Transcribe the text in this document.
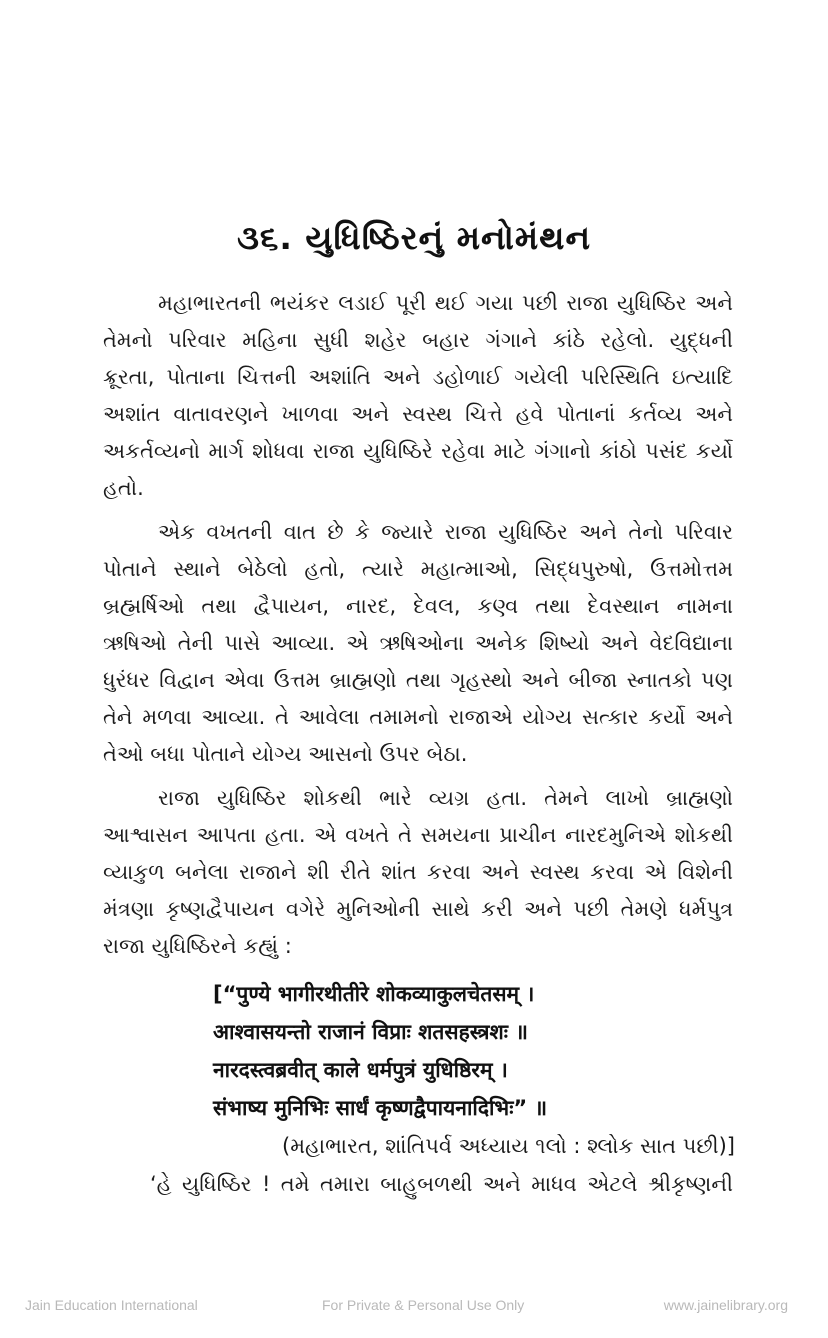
૩૬. યુધિષ્ઠિરનું મનોમંથન
મહાભારતની ભયંકર લડાઈ પૂરી થઈ ગયા પછી રાજા યુધિષ્ઠિર અને
તેમનો પરિવાર મહિના સુધી શહેર બહાર ગંગાને કાંઠે રહેલો. યુદ્ધની
ક્રૂરતા, પોતાના ચિત્તની અશાંતિ અને ડહોળાઈ ગયેલી પરિસ્થિતિ ઇત્યાદિ
અશાંત વાતાવરણને ખાળવા અને સ્વસ્થ ચિત્તે હવે પોતાનાં કર્તવ્ય અને
અકર્તવ્યનો માર્ગ શોધવા રાજા યુધિષ્ઠિરે રહેવા માટે ગંગાનો કાંઠો પસંદ કર્યો
હતો.
એક વખતની વાત છે કે જ્યારે રાજા યુધિષ્ઠિર અને તેનો પરિવાર
પોતાને સ્થાને બેઠેલો હતો, ત્યારે મહાત્માઓ, સિદ્ધપુરુષો, ઉત્તમોત્તમ
બ્રહ્મર્ષિઓ તથા દ્વૈપાયન, નારદ, દેવલ, કણ્વ તથા દેવસ્થાન નામના
ઋષિઓ તેની પાસે આવ્યા. એ ઋષિઓના અનેક શિષ્યો અને વેદવિદ્યાના
ધુરંધર વિદ્વાન એવા ઉત્તમ બ્રાહ્મણો તથા ગૃહસ્થો અને બીજા સ્નાતકો પણ
તેને મળવા આવ્યા. તે આવેલા તમામનો રાજાએ યોગ્ય સત્કાર કર્યો અને
તેઓ બધા પોતાને યોગ્ય આસનો ઉપર બેઠા.
રાજા યુધિષ્ઠિર શોકથી ભારે વ્યગ્ર હતા. તેમને લાખો બ્રાહ્મણો
આશ્વાસન આપતા હતા. એ વખતે તે સમયના પ્રાચીન નારદમુનિએ શોકથી
વ્યાકુળ બનેલા રાજાને શી રીતે શાંત કરવા અને સ્વસ્થ કરવા એ વિશેની
મંત્રણા કૃષ્ણદ્વૈપાયન વગેરે મુનિઓની સાથે કરી અને પછી તેમણે ધર્મપુત્ર
રાજા યુધિષ્ઠિરને કહ્યું :
[“पुण्ये भागीरथीतीरे शोकव्याकुलचेतसम् ।
आश्वासयन्तो राजानं विप्राः शतसहस्त्रशः ॥
नारदस्त्वब्रवीत् काले धर्मपुत्रं युधिष्ठिरम् ।
संभाष्य मुनिभिः सार्धं कृष्णद्वैपायनादिभिः” ॥
(મહાભારત, શાંતિપર્વ અધ્યાય ૧લો : શ્લોક સાત પછી)]
‘હે યુધિષ્ઠિર ! તમે તમારા બાહુબળથી અને માધવ એટલે શ્રીકૃષ્ણની
Jain Education International	For Private & Personal Use Only	www.jainelibrary.org
